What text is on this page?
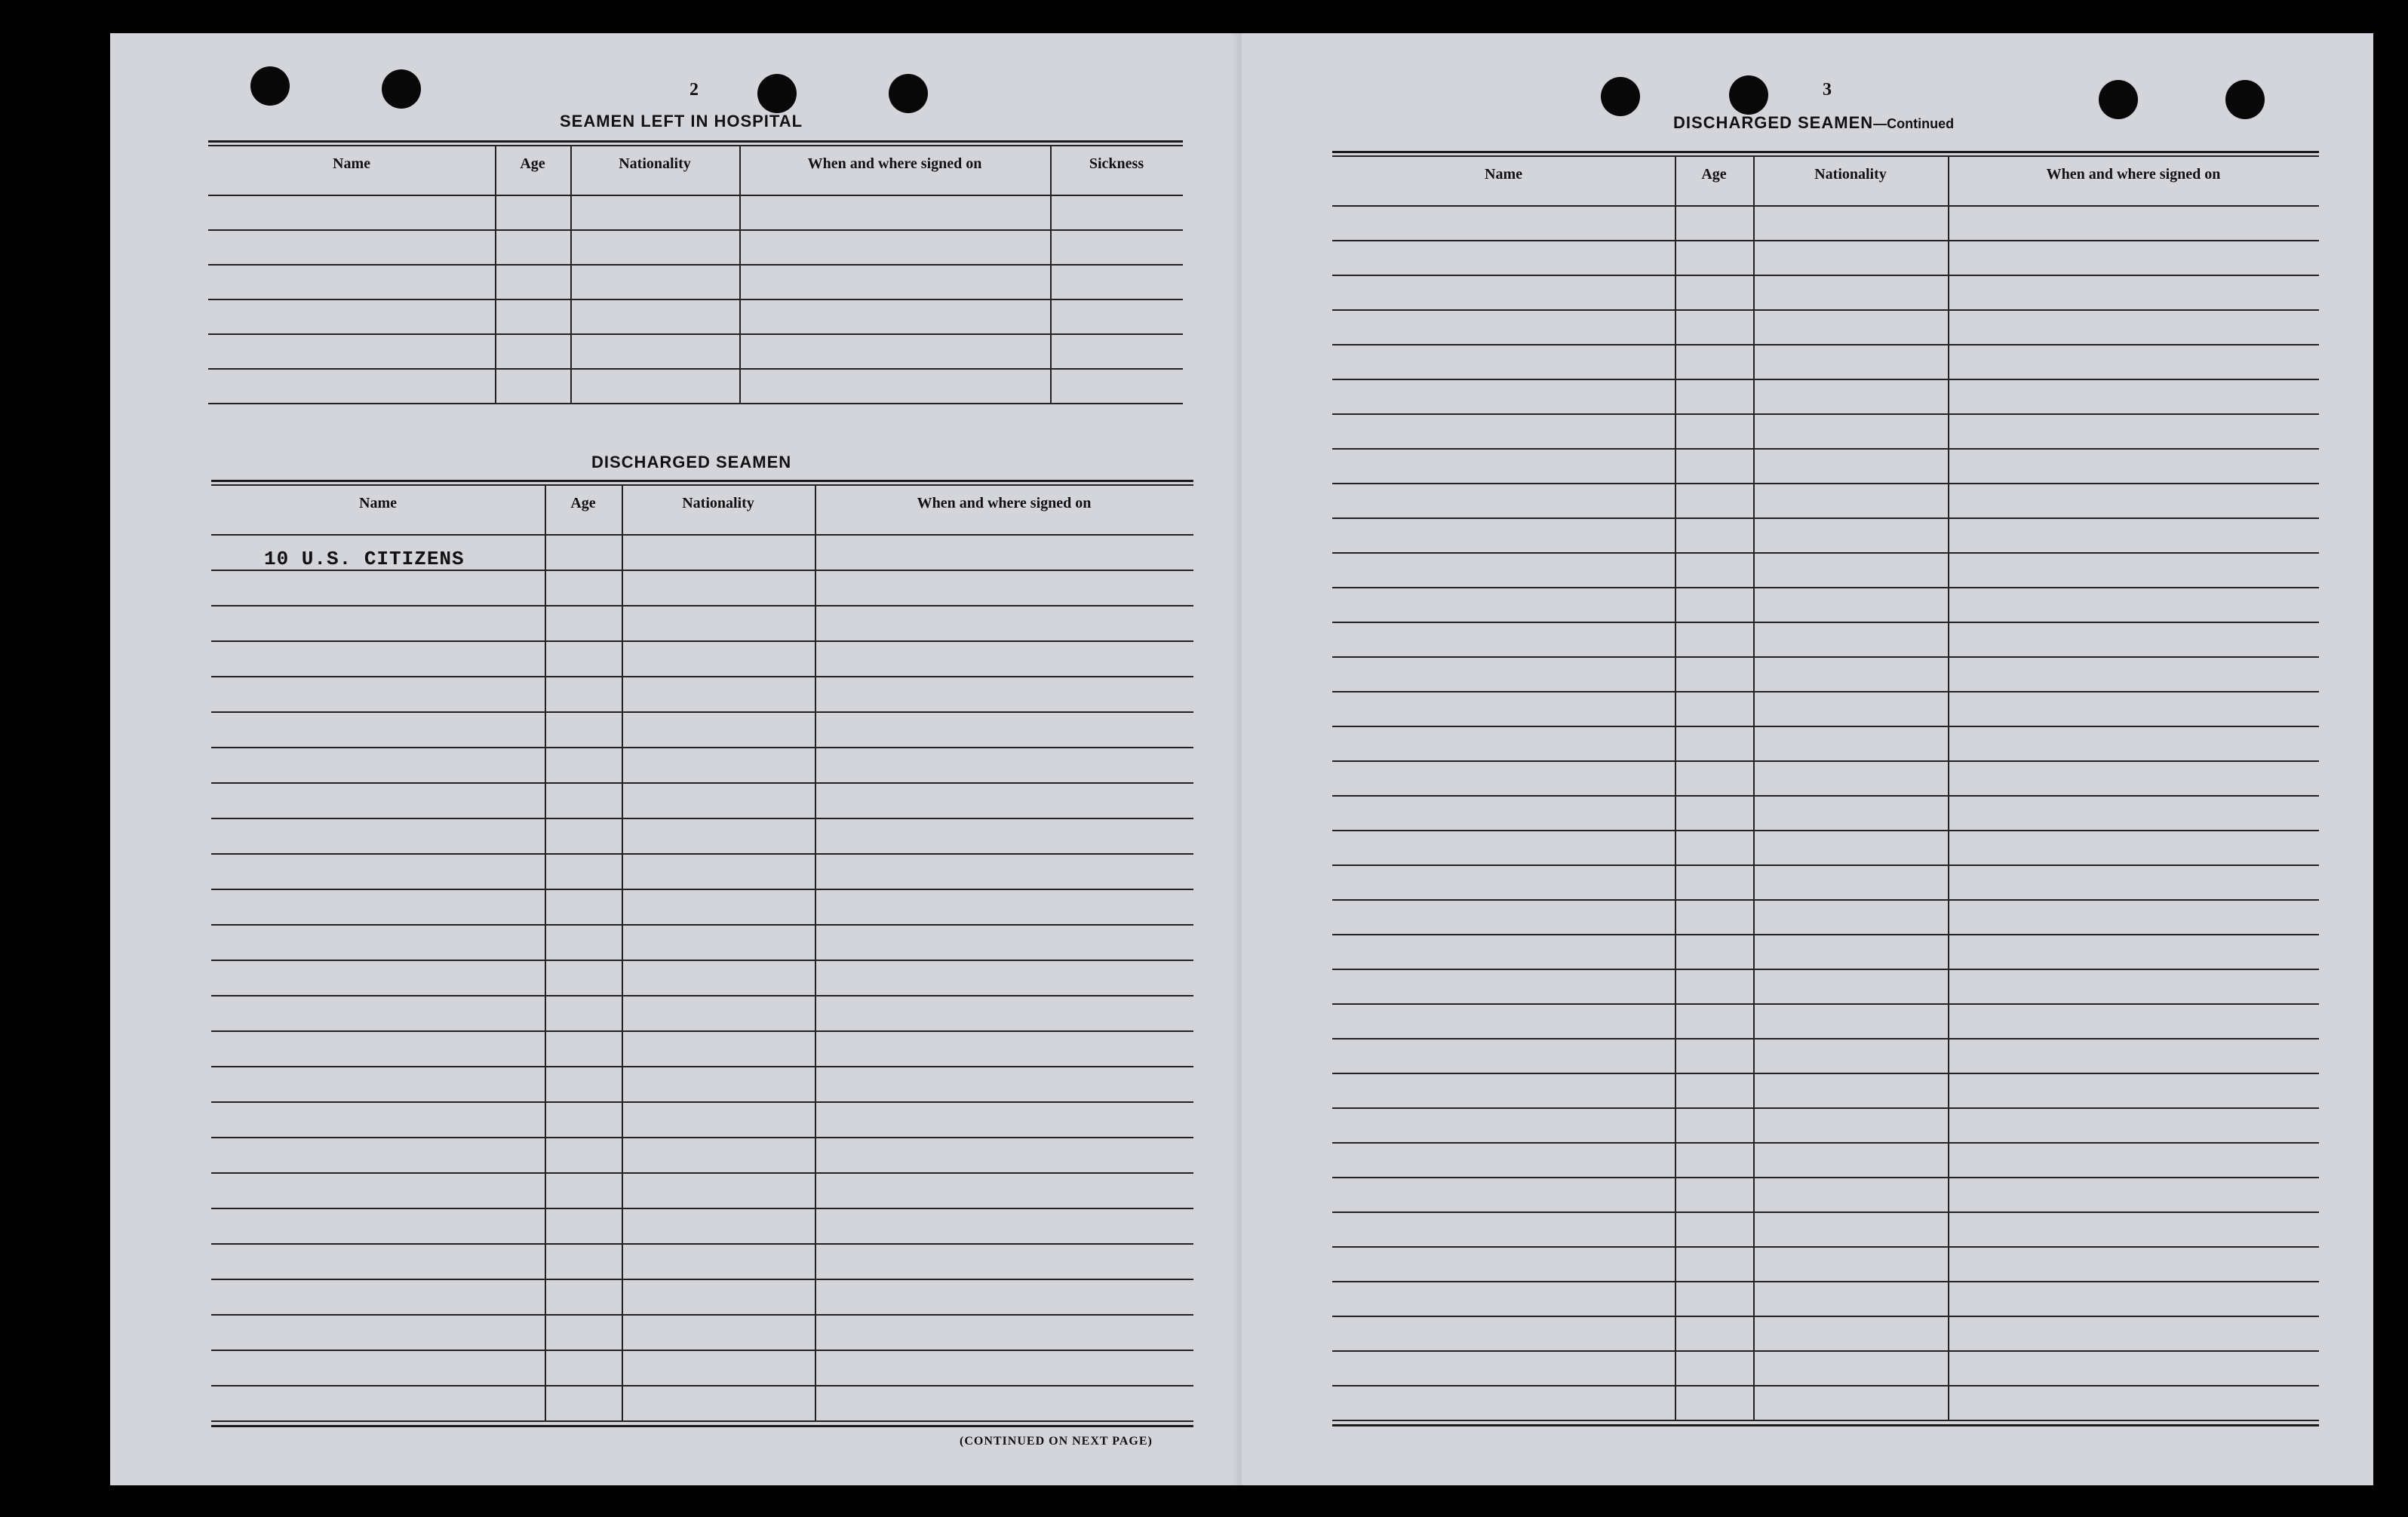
2
SEAMEN LEFT IN HOSPITAL
Name	Age	Nationality	When and where signed on	Sickness
DISCHARGED SEAMEN
Name	Age	Nationality	When and where signed on
10 U.S. CITIZENS
(CONTINUED ON NEXT PAGE)
3
DISCHARGED SEAMEN—Continued
Name	Age	Nationality	When and where signed on
